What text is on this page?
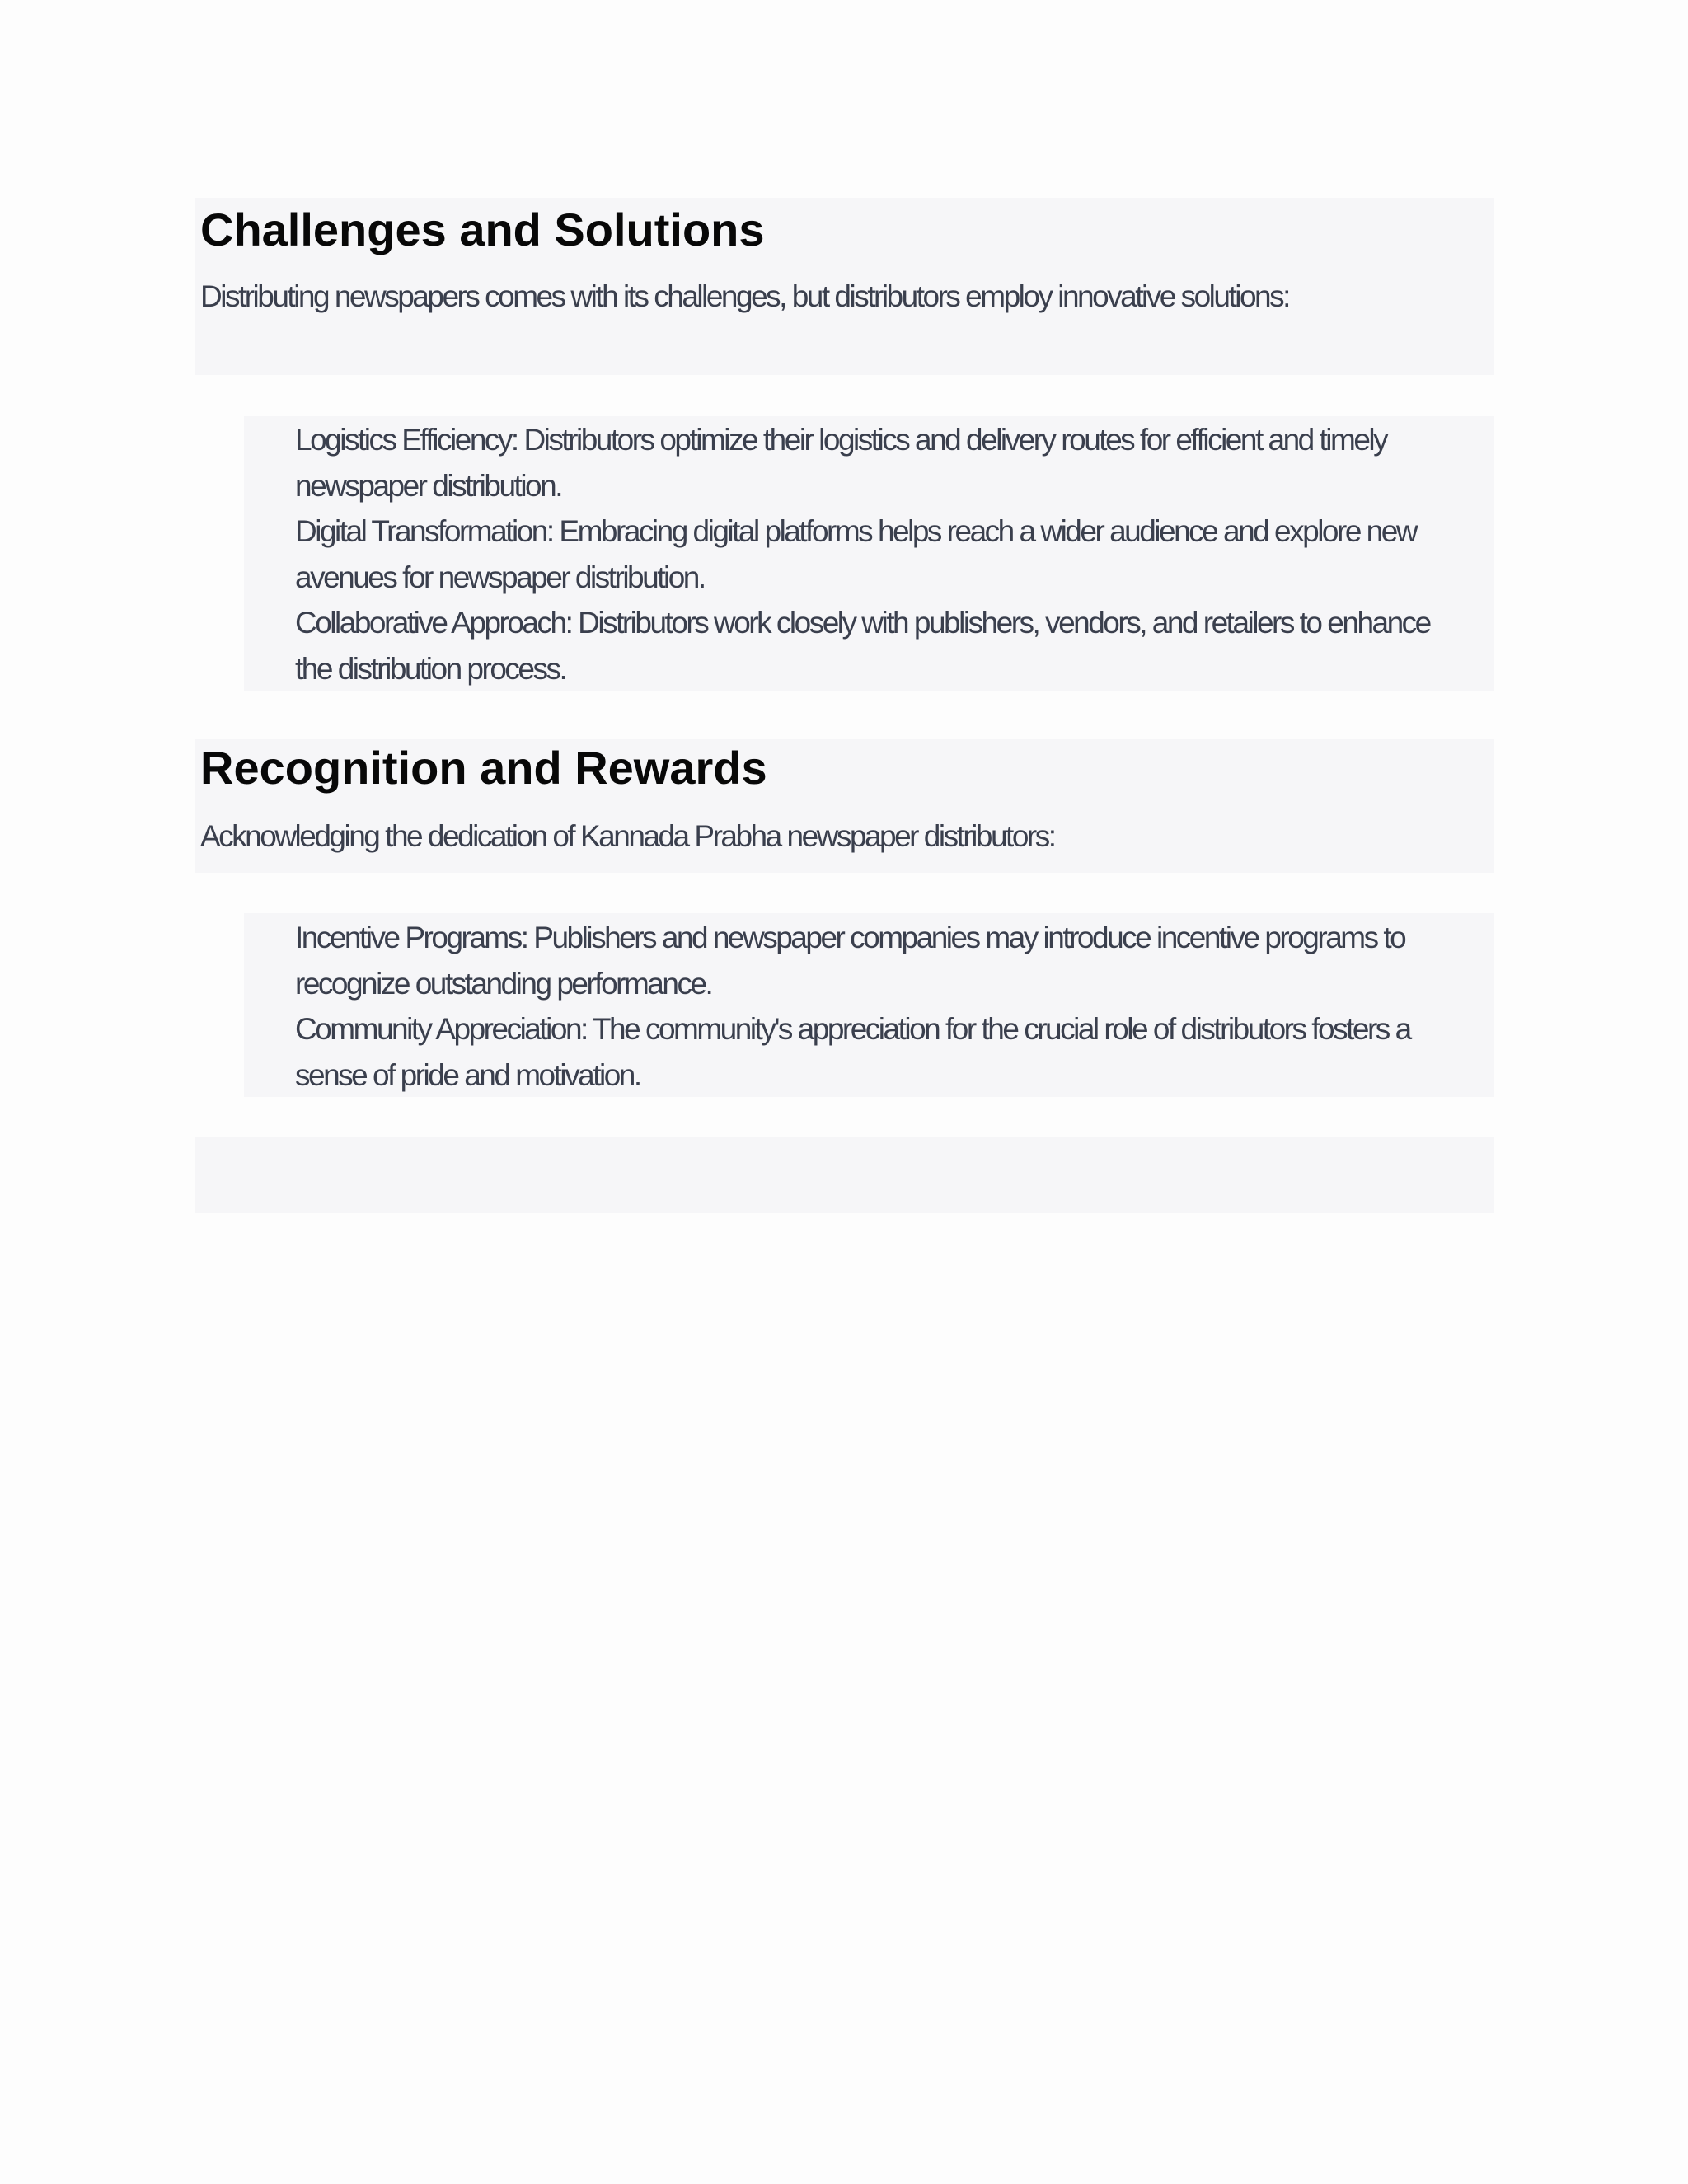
Challenges and Solutions

Distributing newspapers comes with its challenges, but distributors employ innovative solutions:

Logistics Efficiency: Distributors optimize their logistics and delivery routes for efficient and timely newspaper distribution.
Digital Transformation: Embracing digital platforms helps reach a wider audience and explore new avenues for newspaper distribution.
Collaborative Approach: Distributors work closely with publishers, vendors, and retailers to enhance the distribution process.
Recognition and Rewards

Acknowledging the dedication of Kannada Prabha newspaper distributors:

Incentive Programs: Publishers and newspaper companies may introduce incentive programs to recognize outstanding performance.
Community Appreciation: The community's appreciation for the crucial role of distributors fosters a sense of pride and motivation.
